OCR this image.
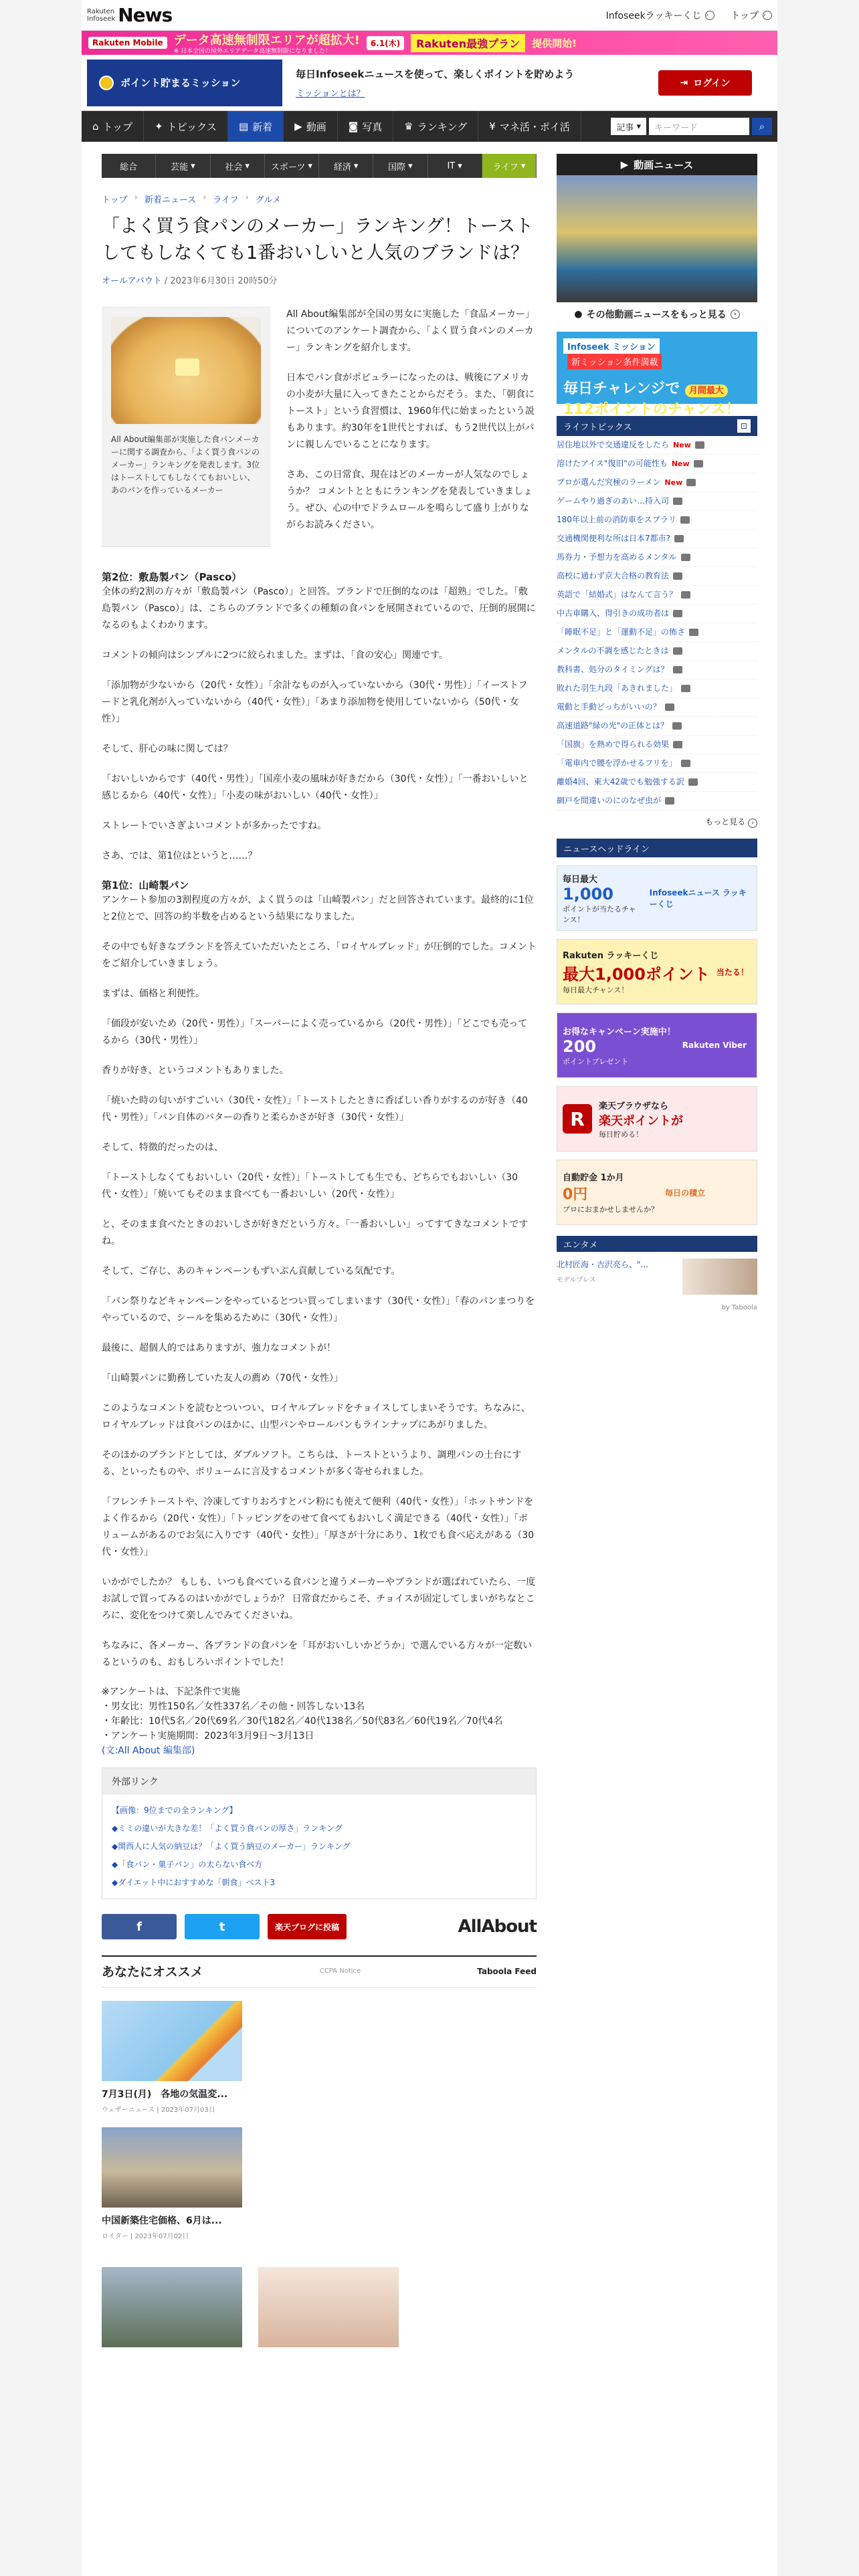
Rakuten
Infoseek News	Infoseekラッキーくじ ›	トップ ›
Rakuten Mobile データ高速無制限エリアが超拡大!
※ 日本全国の屋外エリアデータ高速無制限になりました！
6.1(木)	Rakuten最強プラン	提供開始!
ポイント貯まるミッション
毎日Infoseekニュースを使って、楽しくポイントを貯めよう
ミッションとは？
⇥ ログイン
⌂ トップ ✦ トピックス ▤ 新着 ▶ 動画 ◙ 写真 ♛ ランキング ¥ マネ活・ポイ活	記事 ▾	キーワード	⌕
総合	芸能 ▾	社会 ▾ スポーツ ▾ 経済 ▾	国際 ▾	IT ▾	ライフ ▾
トップ › 新着ニュース › ライフ › グルメ
「よく買う食パンのメーカー」ランキング！トーストしてもしなくても1番おいしいと人気のブランドは？
オールアバウト / 2023年6月30日 20時50分
All About編集部が実施した食パンメーカーに関する調査から、「よく買う食パンのメーカー」ランキングを発表します。3位はトーストしてもしなくてもおいしい、あのパンを作っているメーカー

All About編集部が全国の男女に実施した「食品メーカー」についてのアンケート調査から、「よく買う食パンのメーカー」ランキングを紹介します。

日本でパン食がポピュラーになったのは、戦後にアメリカの小麦が大量に入ってきたことからだそう。また、「朝食にトースト」という食習慣は、1960年代に始まったという説もあります。約30年を1世代とすれば、もう2世代以上がパンに親しんでいることになります。

さあ、この日常食、現在はどのメーカーが人気なのでしょうか？ コメントとともにランキングを発表していきましょう。ぜひ、心の中でドラムロールを鳴らして盛り上がりながらお読みください。

第2位：敷島製パン（Pasco）

全体の約2割の方々が「敷島製パン（Pasco）」と回答。ブランドで圧倒的なのは「超熟」でした。「敷島製パン（Pasco）」は、こちらのブランドで多くの種類の食パンを展開されているので、圧倒的展開になるのもよくわかります。

コメントの傾向はシンプルに2つに絞られました。まずは、「食の安心」関連です。

「添加物が少ないから（20代・女性）」「余計なものが入っていないから（30代・男性）」「イーストフードと乳化剤が入っていないから（40代・女性）」「あまり添加物を使用していないから（50代・女性）」

そして、肝心の味に関しては？

「おいしいからです（40代・男性）」「国産小麦の風味が好きだから（30代・女性）」「一番おいしいと感じるから（40代・女性）」「小麦の味がおいしい（40代・女性）」

ストレートでいさぎよいコメントが多かったですね。

さあ、では、第1位はというと……？

第1位：山崎製パン

アンケート参加の3割程度の方々が、よく買うのは「山崎製パン」だと回答されています。最終的に1位と2位とで、回答の約半数を占めるという結果になりました。

その中でも好きなブランドを答えていただいたところ、「ロイヤルブレッド」が圧倒的でした。コメントをご紹介していきましょう。

まずは、価格と利便性。

「価段が安いため（20代・男性）」「スーパーによく売っているから（20代・男性）」「どこでも売ってるから（30代・男性）」

香りが好き、というコメントもありました。

「焼いた時の匂いがすごいい（30代・女性）」「トーストしたときに香ばしい香りがするのが好き（40代・男性）」「パン自体のバターの香りと柔らかさが好き（30代・女性）」

そして、特徴的だったのは、

「トーストしなくてもおいしい（20代・女性）」「トーストしても生でも、どちらでもおいしい（30代・女性）」「焼いてもそのまま食べても一番おいしい（20代・女性）」

と、そのまま食べたときのおいしさが好きだという方々。「一番おいしい」ってすてきなコメントですね。

そして、ご存じ、あのキャンペーンもずいぶん貢献している気配です。

「パン祭りなどキャンペーンをやっているとつい買ってしまいます（30代・女性）」「春のパンまつりをやっているので、シールを集めるために（30代・女性）」

最後に、超個人的ではありますが、強力なコメントが！

「山崎製パンに勤務していた友人の薦め（70代・女性）」

このようなコメントを読むとついつい、ロイヤルブレッドをチョイスしてしまいそうです。ちなみに、ロイヤルブレッドは食パンのほかに、山型パンやロールパンもラインナップにあがりました。

そのほかのブランドとしては、ダブルソフト。こちらは、トーストというより、調理パンの土台にする、といったものや、ボリュームに言及するコメントが多く寄せられました。

「フレンチトーストや、冷凍してすりおろすとパン粉にも使えて便利（40代・女性）」「ホットサンドをよく作るから（20代・女性）」「トッピングをのせて食べてもおいしく満足できる（40代・女性）」「ボリュームがあるのでお気に入りです（40代・女性）」「厚さが十分にあり、1枚でも食べ応えがある（30代・女性）」

いかがでしたか？ もしも、いつも食べている食パンと違うメーカーやブランドが選ばれていたら、一度お試しで買ってみるのはいかがでしょうか？ 日常食だからこそ、チョイスが固定してしまいがちなところに、変化をつけて楽しんでみてくださいね。

ちなみに、各メーカー、各ブランドの食パンを「耳がおいしいかどうか」で選んでいる方々が一定数いるというのも、おもしろいポイントでした！

※アンケートは、下記条件で実施
・男女比：男性150名／女性337名／その他・回答しない13名
・年齢比：10代5名／20代69名／30代182名／40代138名／50代83名／60代19名／70代4名
・アンケート実施期間：2023年3月9日～3月13日
(文:All About 編集部)
外部リンク
【画像：9位までの全ランキング】
◆ミミの違いが大きな差！「よく買う食パンの厚さ」ランキング
◆関西人に人気の納豆は？「よく買う納豆のメーカー」ランキング
◆「食パン・菓子パン」の太らない食べ方
◆ダイエット中におすすめな「朝食」ベスト3
f	t	楽天ブログに投稿	AllAbout
あなたにオススメ	CCPA Notice	Taboola Feed
7月3日(月)　各地の気温変...
ウェザーニュース | 2023年07月03日
中国新築住宅価格、6月は...
ロイター | 2023年07月02日
▶ 動画ニュース
● その他動画ニュースをもっと見る	›
Infoseek ミッション新ミッション条件満載
毎日チャレンジで 月間最大
112ポイントのチャンス！
ライフトピックス	⊡
居住地以外で交通違反をしたら New
溶けたアイス"復旧"の可能性も New
プロが選んだ究極のラーメン New
ゲームやり過ぎのあい…持入司
180年以上前の消防車をスプラリ
交通機関便利な所は日本7都市?
馬券力・予想力を高めるメンタル
高校に通わず京大合格の教育法
英語で「結婚式」はなんて言う？
中古車購入、得引きの成功者は
「睡眠不足」と「運動不足」の怖さ
メンタルの不調を感じたときは
教科書、処分のタイミングは？
敗れた羽生九段「あきれました」
電動と手動どっちがいいの？
高速道路"緑の光"の正体とは？
「国旗」を熱めで得られる効果
「電車内で腰を浮かせるフリを」
離婚4回、東大42歳でも勉強する訳
網戸を間違いのにのなぜ虫が
もっと見る ›
ニュースヘッドライン
毎日最大
1,000
ポイントが当たるチャンス！
Infoseekニュース ラッキーくじ
Rakuten ラッキーくじ
最大1,000ポイント
毎日最大チャンス！
当たる！
お得なキャンペーン実施中！
200
ポイントプレゼント
Rakuten Viber
R
楽天ブラウザなら
楽天ポイントが
毎日貯める！
自動貯金 1か月
0円
プロにおまかせしませんか？
毎日の積立
エンタメ
北村匠海・吉沢亮ら、"...
モデルプレス
by Taboola
